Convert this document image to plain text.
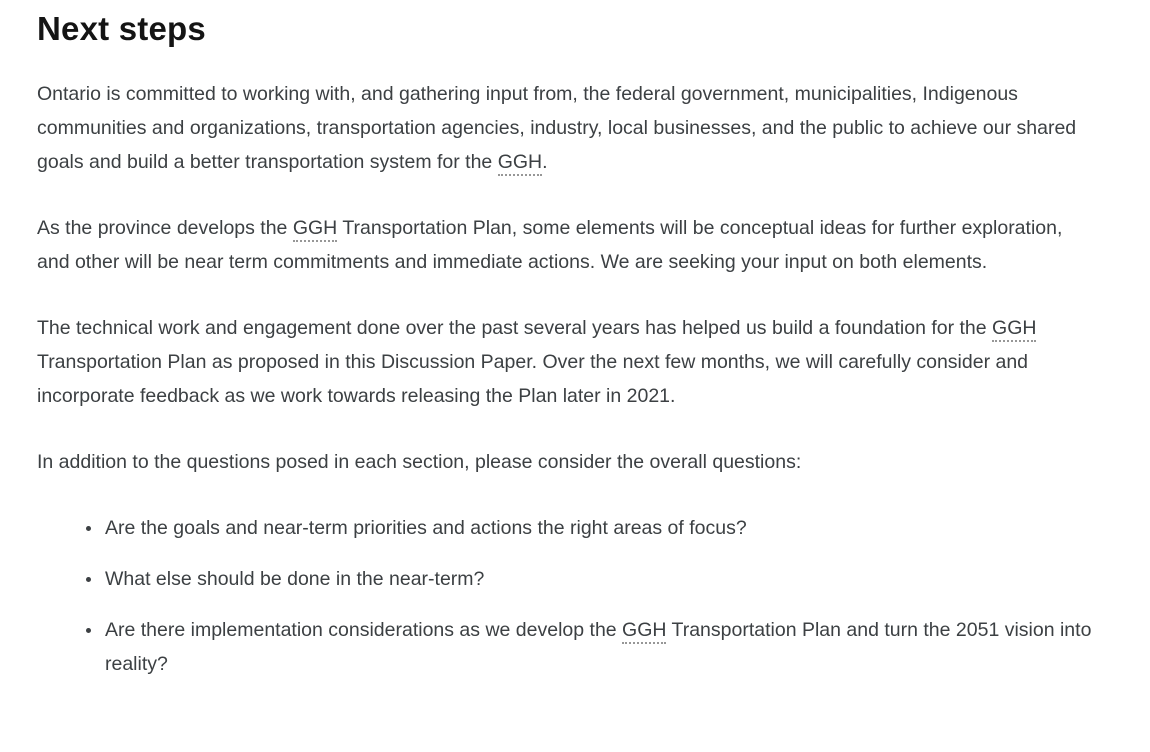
Next steps

Ontario is committed to working with, and gathering input from, the federal government, municipalities, Indigenous communities and organizations, transportation agencies, industry, local businesses, and the public to achieve our shared goals and build a better transportation system for the GGH.

As the province develops the GGH Transportation Plan, some elements will be conceptual ideas for further exploration, and other will be near term commitments and immediate actions. We are seeking your input on both elements.

The technical work and engagement done over the past several years has helped us build a foundation for the GGH Transportation Plan as proposed in this Discussion Paper. Over the next few months, we will carefully consider and incorporate feedback as we work towards releasing the Plan later in 2021.

In addition to the questions posed in each section, please consider the overall questions:

• Are the goals and near-term priorities and actions the right areas of focus?
• What else should be done in the near-term?
• Are there implementation considerations as we develop the GGH Transportation Plan and turn the 2051 vision into reality?
